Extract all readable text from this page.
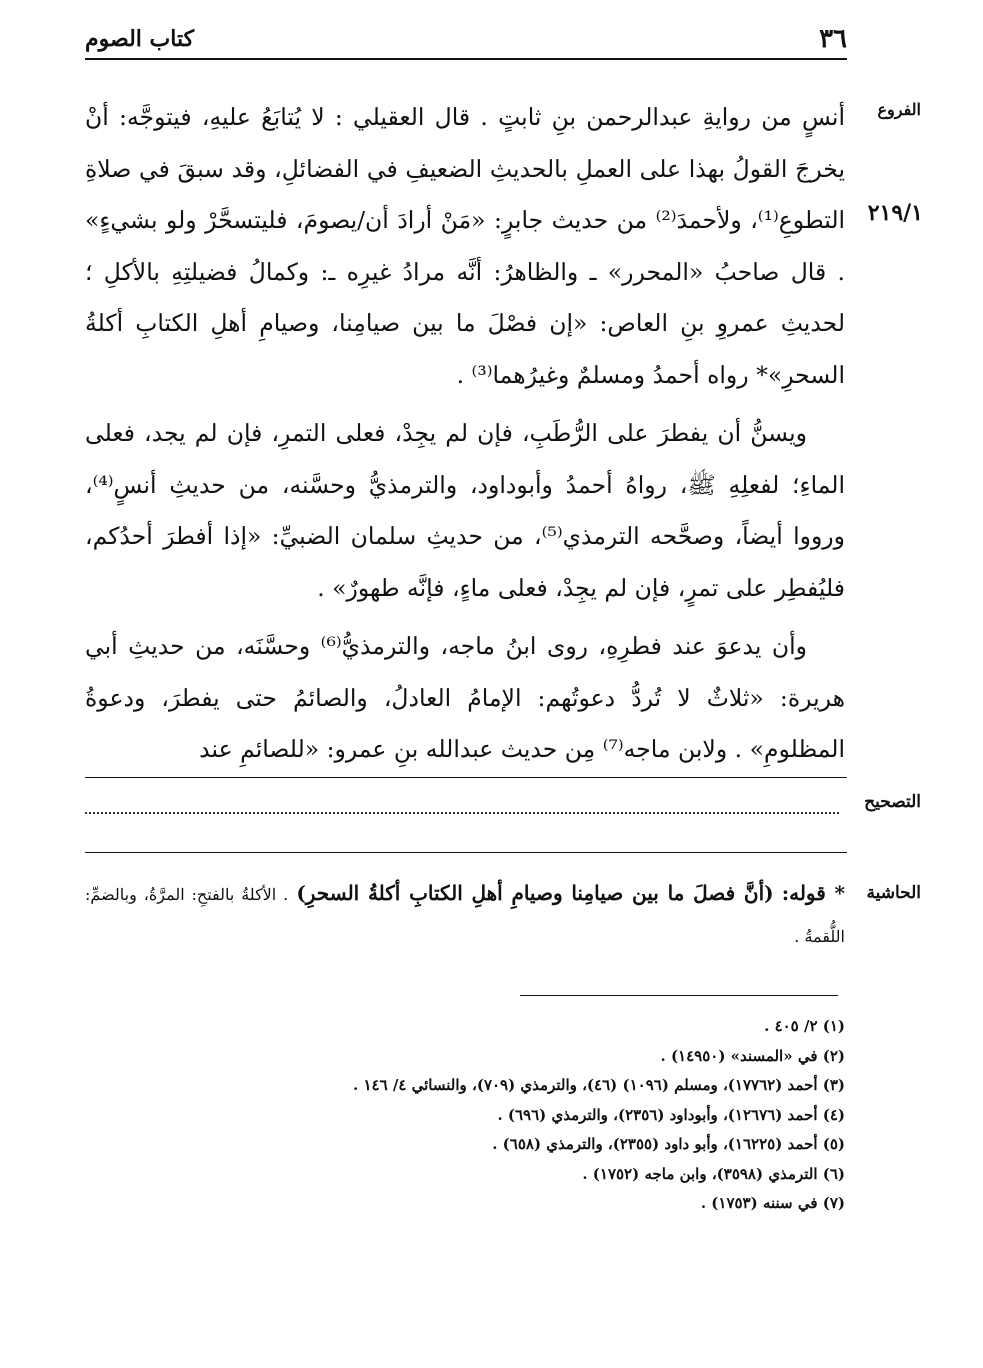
٣٦
كتاب الصوم
الفروع
٢١٩/١

أنسٍ من روايةِ عبدالرحمن بنِ ثابتٍ . قال العقيلي : لا يُتابَعُ عليهِ، فيتوجَّه: أنْ يخرجَ القولُ بهذا على العملِ بالحديثِ الضعيفِ في الفضائلِ، وقد سبقَ في صلاةِ التطوعِ⁽¹⁾، ولأحمدَ⁽²⁾ من حديث جابرٍ: «مَنْ أرادَ أن/يصومَ، فليتسحَّرْ ولو بشيءٍ» . قال صاحبُ «المحرر» ـ والظاهرُ: أنَّه مرادُ غيرِه ـ: وكمالُ فضيلتِهِ بالأكلِ ؛ لحديثِ عمروِ بنِ العاص: «إن فصْلَ ما بين صيامِنا، وصيامِ أهلِ الكتابِ أكلةُ السحرِ»* رواه أحمدُ ومسلمٌ وغيرُهما⁽³⁾ .

ويسنُّ أن يفطرَ على الرُّطَبِ، فإن لم يجِدْ، فعلى التمرِ، فإن لم يجد، فعلى الماءِ؛ لفعلِهِ ﷺ، رواهُ أحمدُ وأبوداود، والترمذيُّ وحسَّنه، من حديثِ أنسٍ⁽⁴⁾، ورووا أيضاً، وصحَّحه الترمذي⁽⁵⁾، من حديثِ سلمان الضبيِّ: «إذا أفطرَ أحدُكم، فليُفطِر على تمرٍ، فإن لم يجِدْ، فعلى ماءٍ، فإنَّه طهورٌ» .

وأن يدعوَ عند فطرِهِ، روى ابنُ ماجه، والترمذيُّ⁽⁶⁾ وحسَّنَه، من حديثِ أبي هريرة: «ثلاثٌ لا تُردُّ دعوتُهم: الإمامُ العادلُ، والصائمُ حتى يفطرَ، ودعوةُ المظلومِ» . ولابن ماجه⁽⁷⁾ مِن حديث عبدالله بنِ عمرو: «للصائمِ عند

التصحيح
الحاشية
* قوله: (أنَّ فصلَ ما بين صيامِنا وصيامِ أهلِ الكتابِ أكلةُ السحرِ) . الأكلةُ بالفتحِ: المرَّةُ، وبالضمِّ: اللُّقمةُ .
(١) ٢/ ٤٠٥ .
(٢) في «المسند» (١٤٩٥٠) .
(٣) أحمد (١٧٧٦٢)، ومسلم (١٠٩٦) (٤٦)، والترمذي (٧٠٩)، والنسائي ٤/ ١٤٦ .
(٤) أحمد (١٢٦٧٦)، وأبوداود (٢٣٥٦)، والترمذي (٦٩٦) .
(٥) أحمد (١٦٢٢٥)، وأبو داود (٢٣٥٥)، والترمذي (٦٥٨) .
(٦) الترمذي (٣٥٩٨)، وابن ماجه (١٧٥٢) .
(٧) في سننه (١٧٥٣) .
